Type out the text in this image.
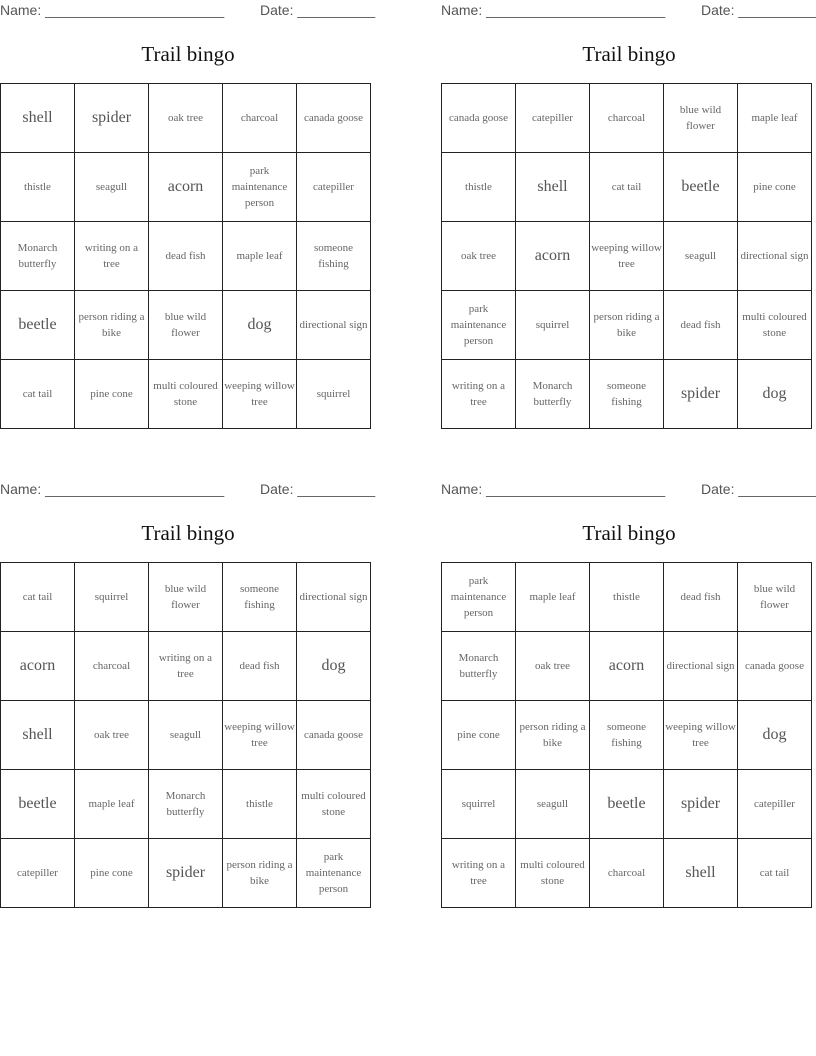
Name: _______________________	Date: __________
Trail bingo
shell	spider	oak tree	charcoal	canada goose
thistle	seagull	acorn	park maintenance person	catepiller
Monarch butterfly	writing on a tree	dead fish	maple leaf	someone fishing
beetle	person riding a bike	blue wild flower	dog	directional sign
cat tail	pine cone	multi coloured stone	weeping willow tree	squirrel
Name: _______________________	Date: __________
Trail bingo
canada goose	catepiller	charcoal	blue wild flower	maple leaf
thistle	shell	cat tail	beetle	pine cone
oak tree	acorn	weeping willow tree	seagull	directional sign
park maintenance person	squirrel	person riding a bike	dead fish	multi coloured stone
writing on a tree	Monarch butterfly	someone fishing	spider	dog
Name: _______________________	Date: __________
Trail bingo
cat tail	squirrel	blue wild flower	someone fishing	directional sign
acorn	charcoal	writing on a tree	dead fish	dog
shell	oak tree	seagull	weeping willow tree	canada goose
beetle	maple leaf	Monarch butterfly	thistle	multi coloured stone
catepiller	pine cone	spider	person riding a bike	park maintenance person
Name: _______________________	Date: __________
Trail bingo
park maintenance person	maple leaf	thistle	dead fish	blue wild flower
Monarch butterfly	oak tree	acorn	directional sign	canada goose
pine cone	person riding a bike	someone fishing	weeping willow tree	dog
squirrel	seagull	beetle	spider	catepiller
writing on a tree	multi coloured stone	charcoal	shell	cat tail
